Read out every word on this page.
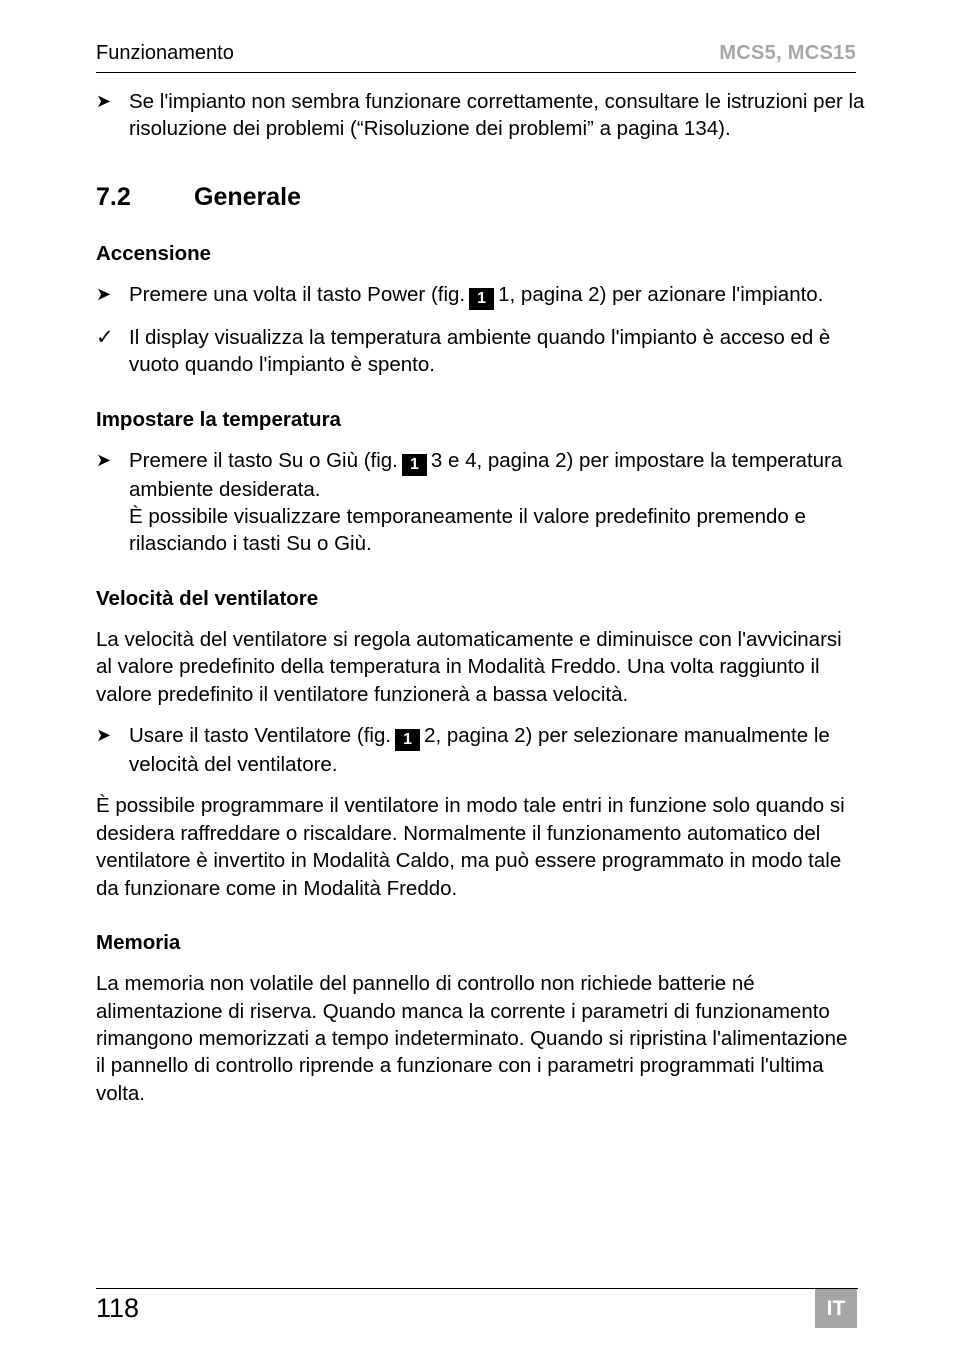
Funzionamento	MCS5, MCS15
➤ Se l'impianto non sembra funzionare correttamente, consultare le istruzioni per la risoluzione dei problemi (“Risoluzione dei problemi” a pagina 134).

7.2	Generale
Accensione
➤ Premere una volta il tasto Power (fig. 1 1, pagina 2) per azionare l'impianto.

✓ Il display visualizza la temperatura ambiente quando l'impianto è acceso ed è vuoto quando l'impianto è spento.

Impostare la temperatura
➤ Premere il tasto Su o Giù (fig. 1 3 e 4, pagina 2) per impostare la temperatura ambiente desiderata.

È possibile visualizzare temporaneamente il valore predefinito premendo e rilasciando i tasti Su o Giù.

Velocità del ventilatore

La velocità del ventilatore si regola automaticamente e diminuisce con l'avvicinarsi al valore predefinito della temperatura in Modalità Freddo. Una volta raggiunto il valore predefinito il ventilatore funzionerà a bassa velocità.

➤ Usare il tasto Ventilatore (fig. 1 2, pagina 2) per selezionare manualmente le velocità del ventilatore.

È possibile programmare il ventilatore in modo tale entri in funzione solo quando si desidera raffreddare o riscaldare. Normalmente il funzionamento automatico del ventilatore è invertito in Modalità Caldo, ma può essere programmato in modo tale da funzionare come in Modalità Freddo.

Memoria

La memoria non volatile del pannello di controllo non richiede batterie né alimentazione di riserva. Quando manca la corrente i parametri di funzionamento rimangono memorizzati a tempo indeterminato. Quando si ripristina l'alimentazione il pannello di controllo riprende a funzionare con i parametri programmati l'ultima volta.

118	IT
